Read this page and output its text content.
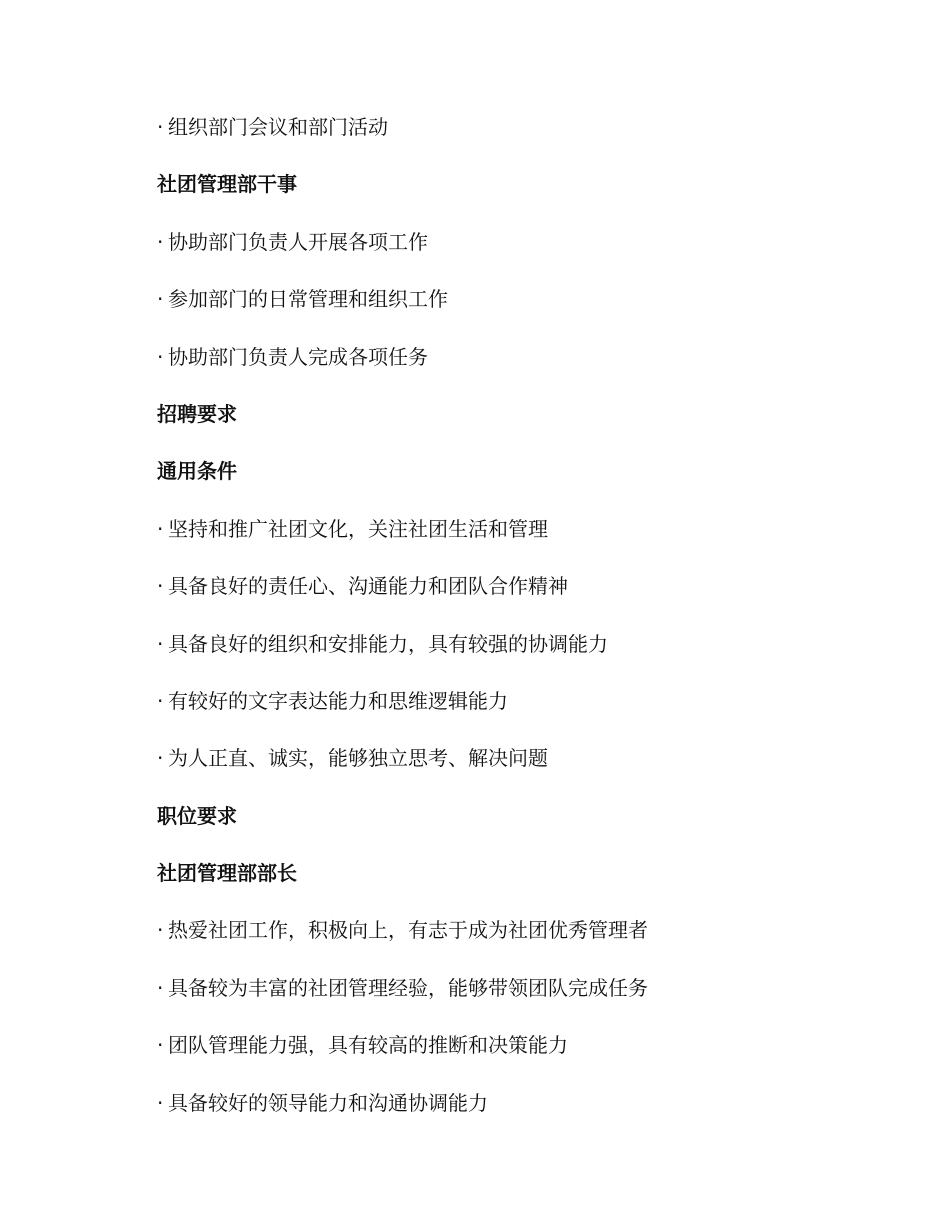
· 组织部门会议和部门活动
社团管理部干事
· 协助部门负责人开展各项工作
· 参加部门的日常管理和组织工作
· 协助部门负责人完成各项任务
招聘要求
通用条件
· 坚持和推广社团文化，关注社团生活和管理
· 具备良好的责任心、沟通能力和团队合作精神
· 具备良好的组织和安排能力，具有较强的协调能力
· 有较好的文字表达能力和思维逻辑能力
· 为人正直、诚实，能够独立思考、解决问题
职位要求
社团管理部部长
· 热爱社团工作，积极向上，有志于成为社团优秀管理者
· 具备较为丰富的社团管理经验，能够带领团队完成任务
· 团队管理能力强，具有较高的推断和决策能力
· 具备较好的领导能力和沟通协调能力
